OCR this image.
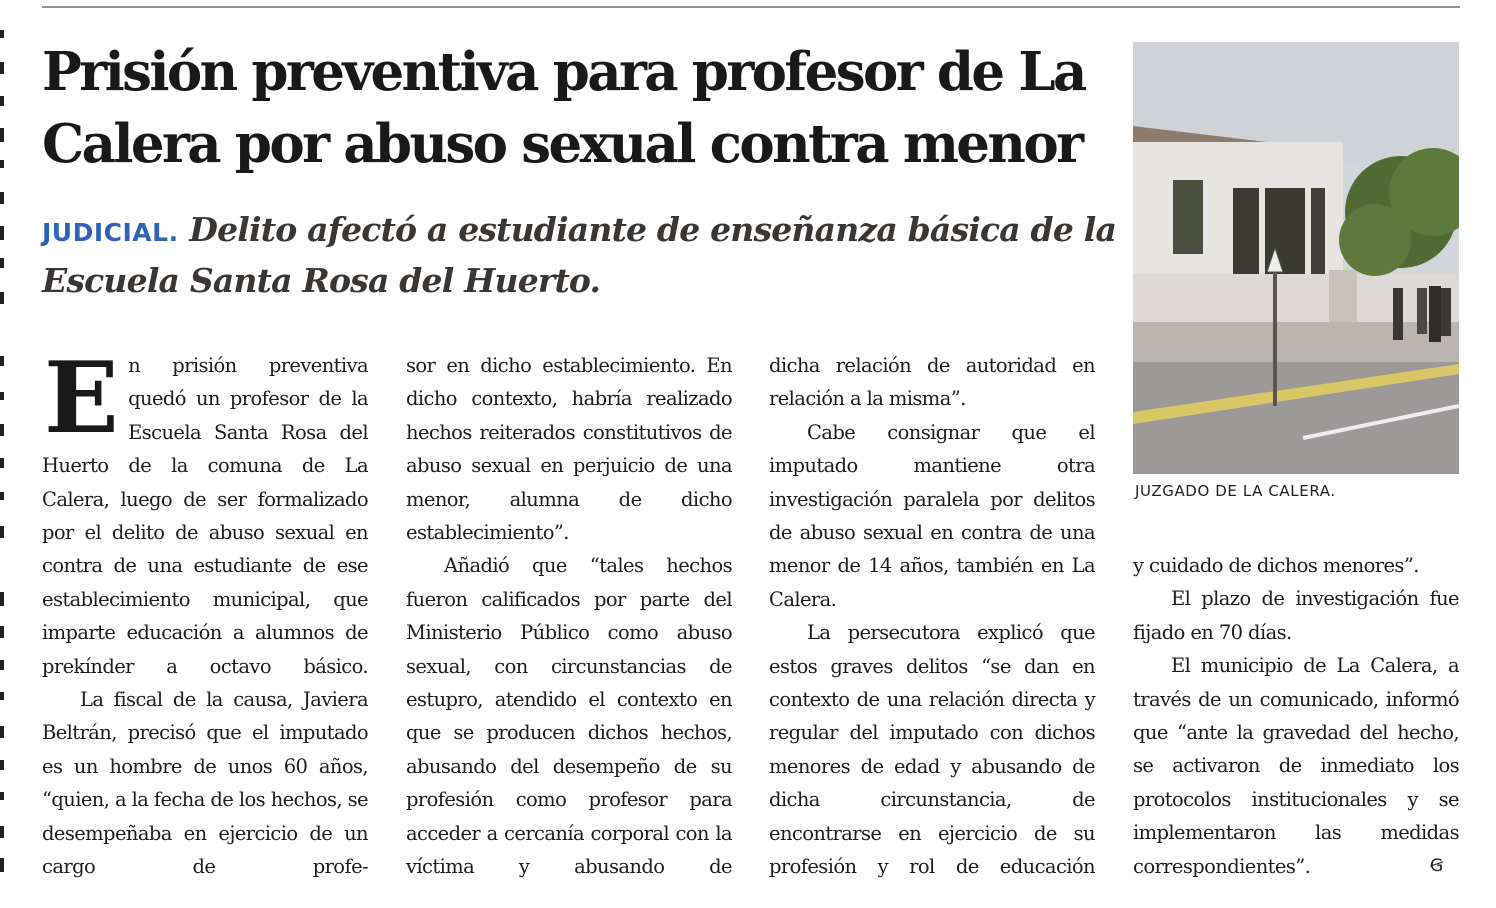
Prisión preventiva para profesor de La Calera por abuso sexual contra menor

JUDICIAL. Delito afectó a estudiante de enseñanza básica de la Escuela Santa Rosa del Huerto.

JUZGADO DE LA CALERA.

E n prisión preventiva quedó un profesor de la Escuela Santa Rosa del Huerto de la comuna de La Calera, luego de ser formalizado por el delito de abuso sexual en contra de una estudiante de ese establecimiento municipal, que imparte educación a alumnos de prekínder a octavo básico.

La fiscal de la causa, Javiera Beltrán, precisó que el imputado es un hombre de unos 60 años, “quien, a la fecha de los hechos, se desempeñaba en ejercicio de un cargo de profe-

sor en dicho establecimiento. En dicho contexto, habría realizado hechos reiterados constitutivos de abuso sexual en perjuicio de una menor, alumna de dicho establecimiento”.

Añadió que “tales hechos fueron calificados por parte del Ministerio Público como abuso sexual, con circunstancias de estupro, atendido el contexto en que se producen dichos hechos, abusando del desempeño de su profesión como profesor para acceder a cercanía corporal con la víctima y abusando de

dicha relación de autoridad en relación a la misma”.

Cabe consignar que el imputado mantiene otra investigación paralela por delitos de abuso sexual en contra de una menor de 14 años, también en La Calera.

La persecutora explicó que estos graves delitos “se dan en contexto de una relación directa y regular del imputado con dichos menores de edad y abusando de dicha circunstancia, de encontrarse en ejercicio de su profesión y rol de educación

y cuidado de dichos menores”.

El plazo de investigación fue fijado en 70 días.

El municipio de La Calera, a través de un comunicado, informó que “ante la gravedad del hecho, se activaron de inmediato los protocolos institucionales y se implementaron las medidas correspondientes”.	Ꞡ
